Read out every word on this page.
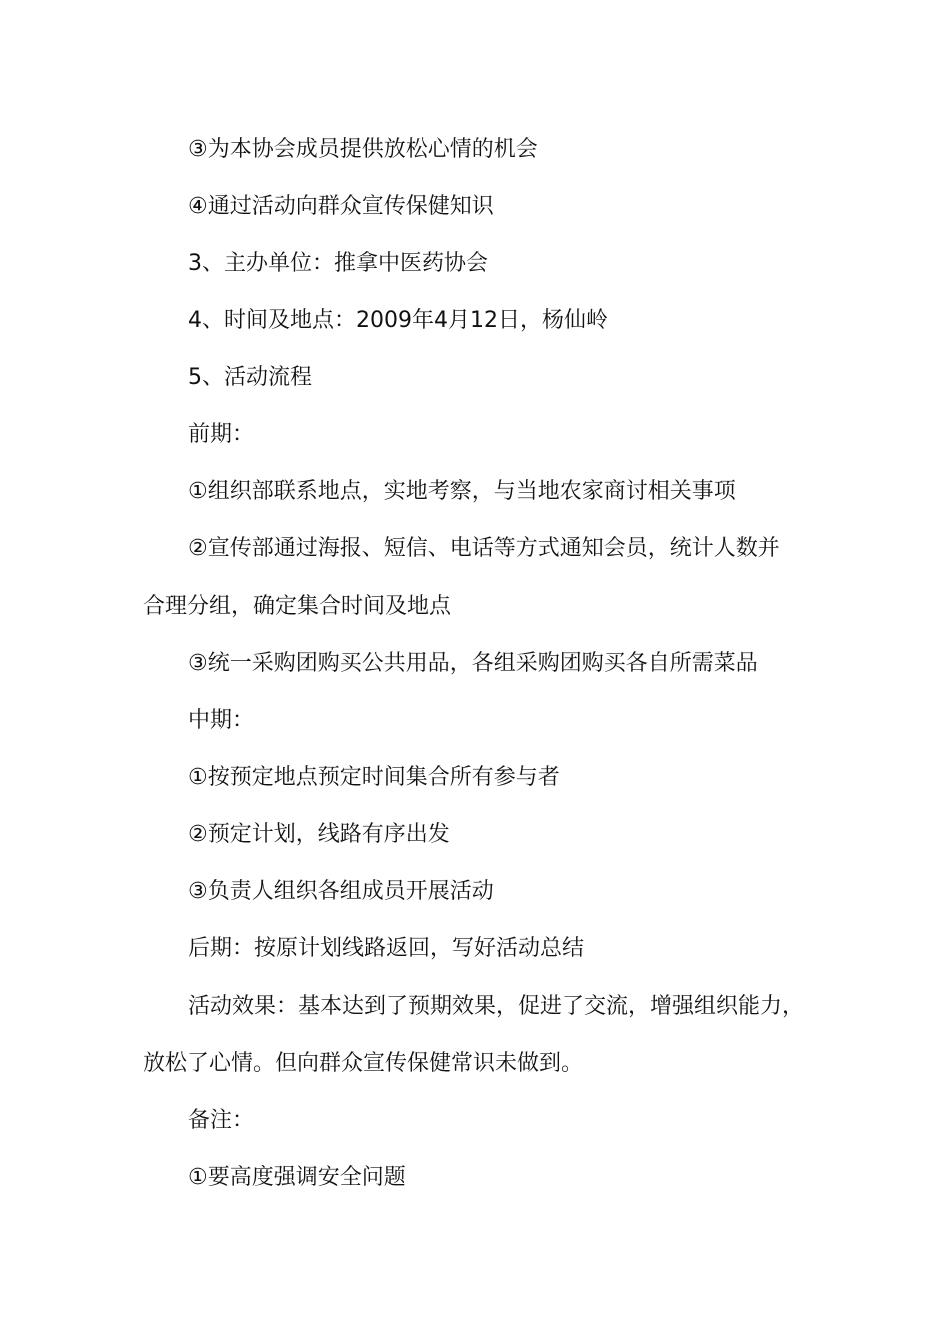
③为本协会成员提供放松心情的机会
④通过活动向群众宣传保健知识
3、主办单位：推拿中医药协会
4、时间及地点：2009年4月12日，杨仙岭
5、活动流程
前期：
①组织部联系地点，实地考察，与当地农家商讨相关事项
②宣传部通过海报、短信、电话等方式通知会员，统计人数并
合理分组，确定集合时间及地点
③统一采购团购买公共用品，各组采购团购买各自所需菜品
中期：
①按预定地点预定时间集合所有参与者
②预定计划，线路有序出发
③负责人组织各组成员开展活动
后期：按原计划线路返回，写好活动总结
活动效果：基本达到了预期效果，促进了交流，增强组织能力，
放松了心情。但向群众宣传保健常识未做到。
备注：
①要高度强调安全问题
